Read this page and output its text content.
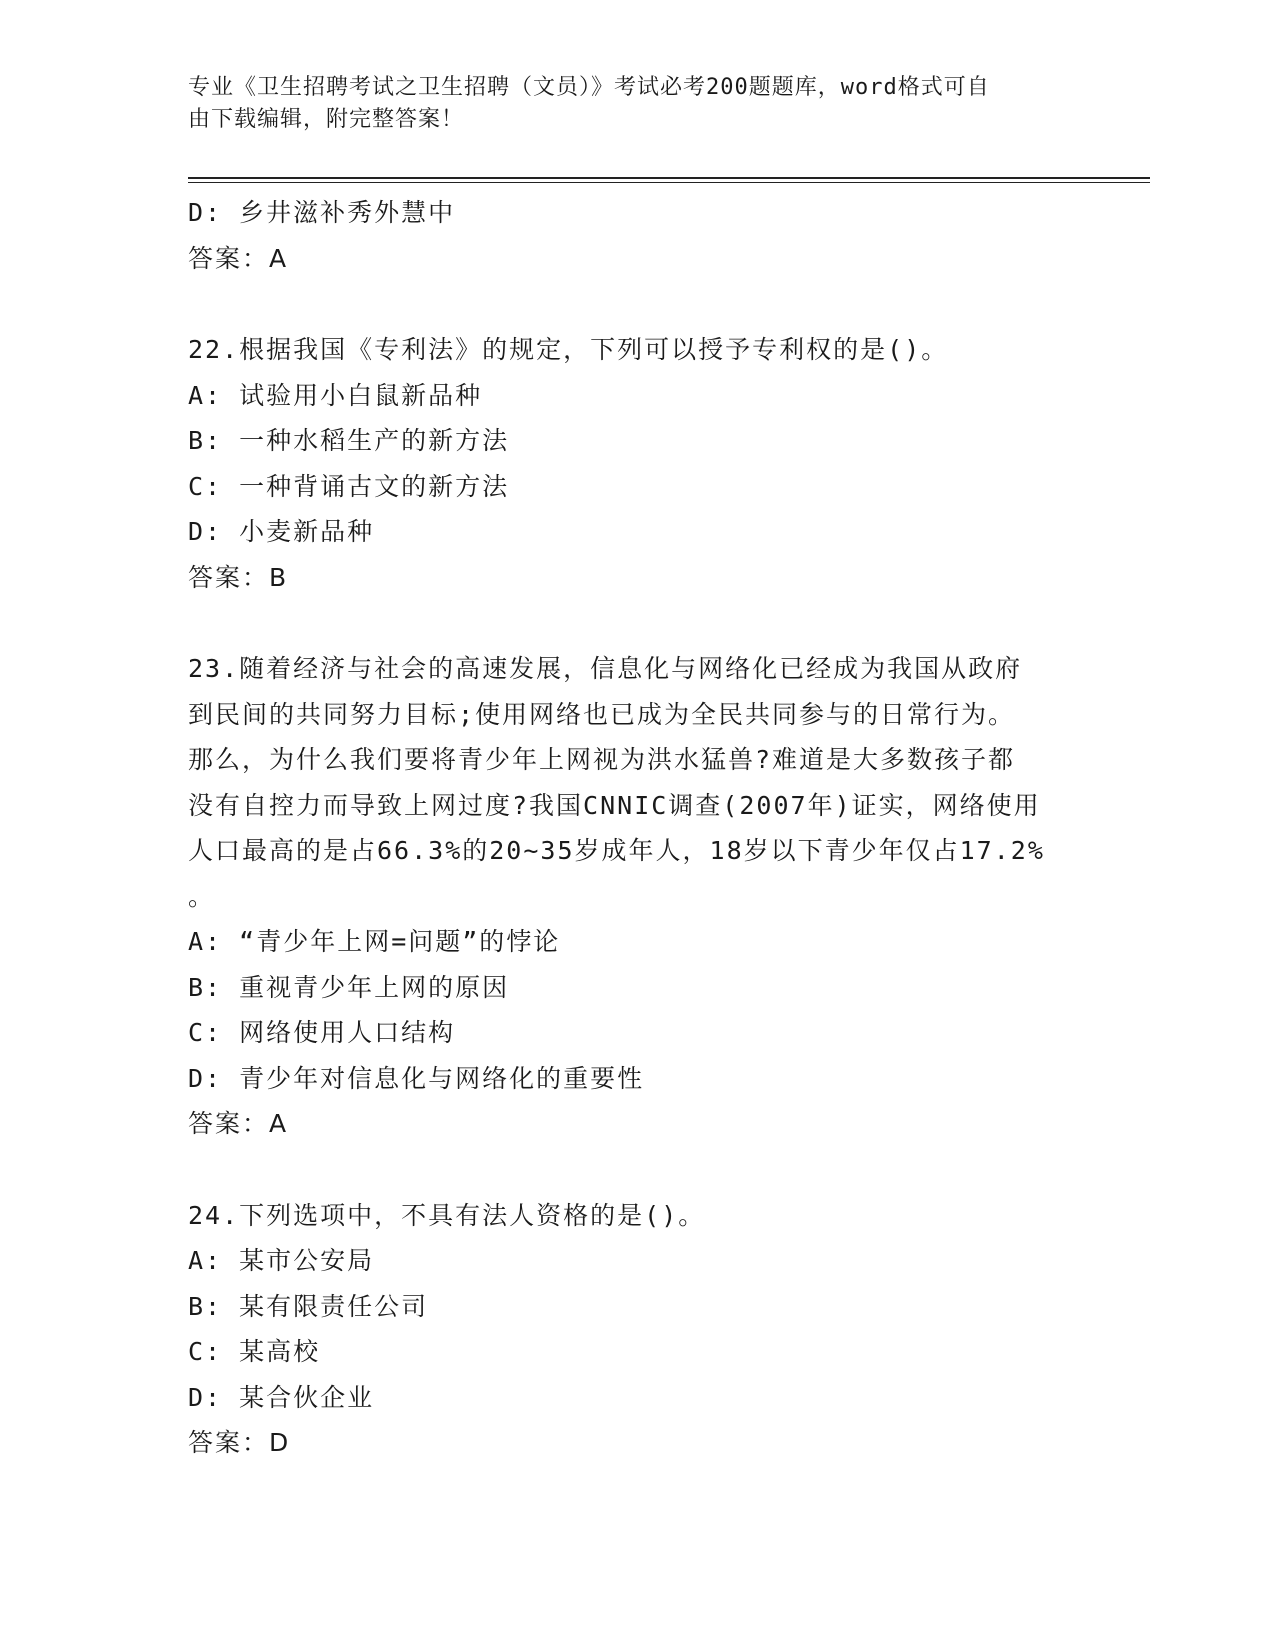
专业《卫生招聘考试之卫生招聘（文员）》考试必考200题题库，word格式可自
由下载编辑，附完整答案！
D: 乡井滋补秀外慧中
答案：A
22.根据我国《专利法》的规定，下列可以授予专利权的是()。
A: 试验用小白鼠新品种
B: 一种水稻生产的新方法
C: 一种背诵古文的新方法
D: 小麦新品种
答案：B
23.随着经济与社会的高速发展，信息化与网络化已经成为我国从政府
到民间的共同努力目标;使用网络也已成为全民共同参与的日常行为。
那么，为什么我们要将青少年上网视为洪水猛兽?难道是大多数孩子都
没有自控力而导致上网过度?我国CNNIC调查(2007年)证实，网络使用
人口最高的是占66.3%的20~35岁成年人，18岁以下青少年仅占17.2%
。
A: “青少年上网=问题”的悖论
B: 重视青少年上网的原因
C: 网络使用人口结构
D: 青少年对信息化与网络化的重要性
答案：A
24.下列选项中，不具有法人资格的是()。
A: 某市公安局
B: 某有限责任公司
C: 某高校
D: 某合伙企业
答案：D
